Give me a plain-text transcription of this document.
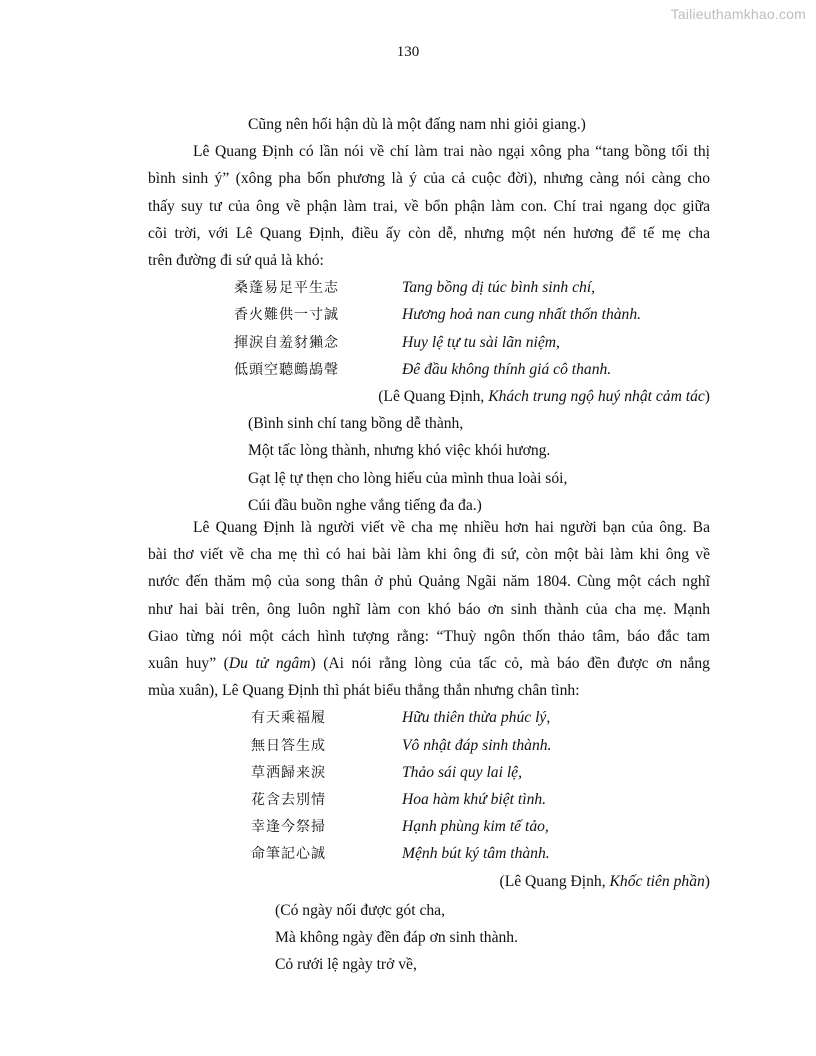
Tailieuthamkhao.com
130
Cũng nên hối hận dù là một đấng nam nhi giỏi giang.)
Lê Quang Định có lần nói về chí làm trai nào ngại xông pha “tang bồng tối thị
bình sinh ý” (xông pha bốn phương là ý của cả cuộc đời), nhưng càng nói càng cho
thấy suy tư của ông về phận làm trai, về bổn phận làm con. Chí trai ngang dọc giữa
cõi trời, với Lê Quang Định, điều ấy còn dễ, nhưng một nén hương để tế mẹ cha
trên đường đi sứ quả là khó:
桑蓬易足平生志	Tang bồng dị túc bình sinh chí,
香火難供一寸誠	Hương hoả nan cung nhất thốn thành.
揮淚自羞豺獺念	Huy lệ tự tu sài lãn niệm,
低頭空聽鷓鴣聲	Đê đầu không thính giá cô thanh.
(Lê Quang Định, Khách trung ngộ huý nhật cảm tác)
(Bình sinh chí tang bồng dễ thành,
Một tấc lòng thành, nhưng khó việc khói hương.
Gạt lệ tự thẹn cho lòng hiếu của mình thua loài sói,
Cúi đầu buồn nghe vắng tiếng đa đa.)
Lê Quang Định là người viết về cha mẹ nhiều hơn hai người bạn của ông. Ba
bài thơ viết về cha mẹ thì có hai bài làm khi ông đi sứ, còn một bài làm khi ông về
nước đến thăm mộ của song thân ở phủ Quảng Ngãi năm 1804. Cùng một cách nghĩ
như hai bài trên, ông luôn nghĩ làm con khó báo ơn sinh thành của cha mẹ. Mạnh
Giao từng nói một cách hình tượng rằng: “Thuỳ ngôn thốn thảo tâm, báo đắc tam
xuân huy” (Du tử ngâm) (Ai nói rằng lòng của tấc cỏ, mà báo đền được ơn nắng
mùa xuân), Lê Quang Định thì phát biểu thẳng thắn nhưng chân tình:
有天乘福履	Hữu thiên thừa phúc lý,
無日答生成	Vô nhật đáp sinh thành.
草洒歸来淚	Thảo sái quy lai lệ,
花含去別情	Hoa hàm khứ biệt tình.
幸逢今祭掃	Hạnh phùng kim tế tảo,
命筆記心誠	Mệnh bút ký tâm thành.
(Lê Quang Định, Khốc tiên phần)
(Có ngày nối được gót cha,
Mà không ngày đền đáp ơn sinh thành.
Cỏ rưới lệ ngày trở về,
